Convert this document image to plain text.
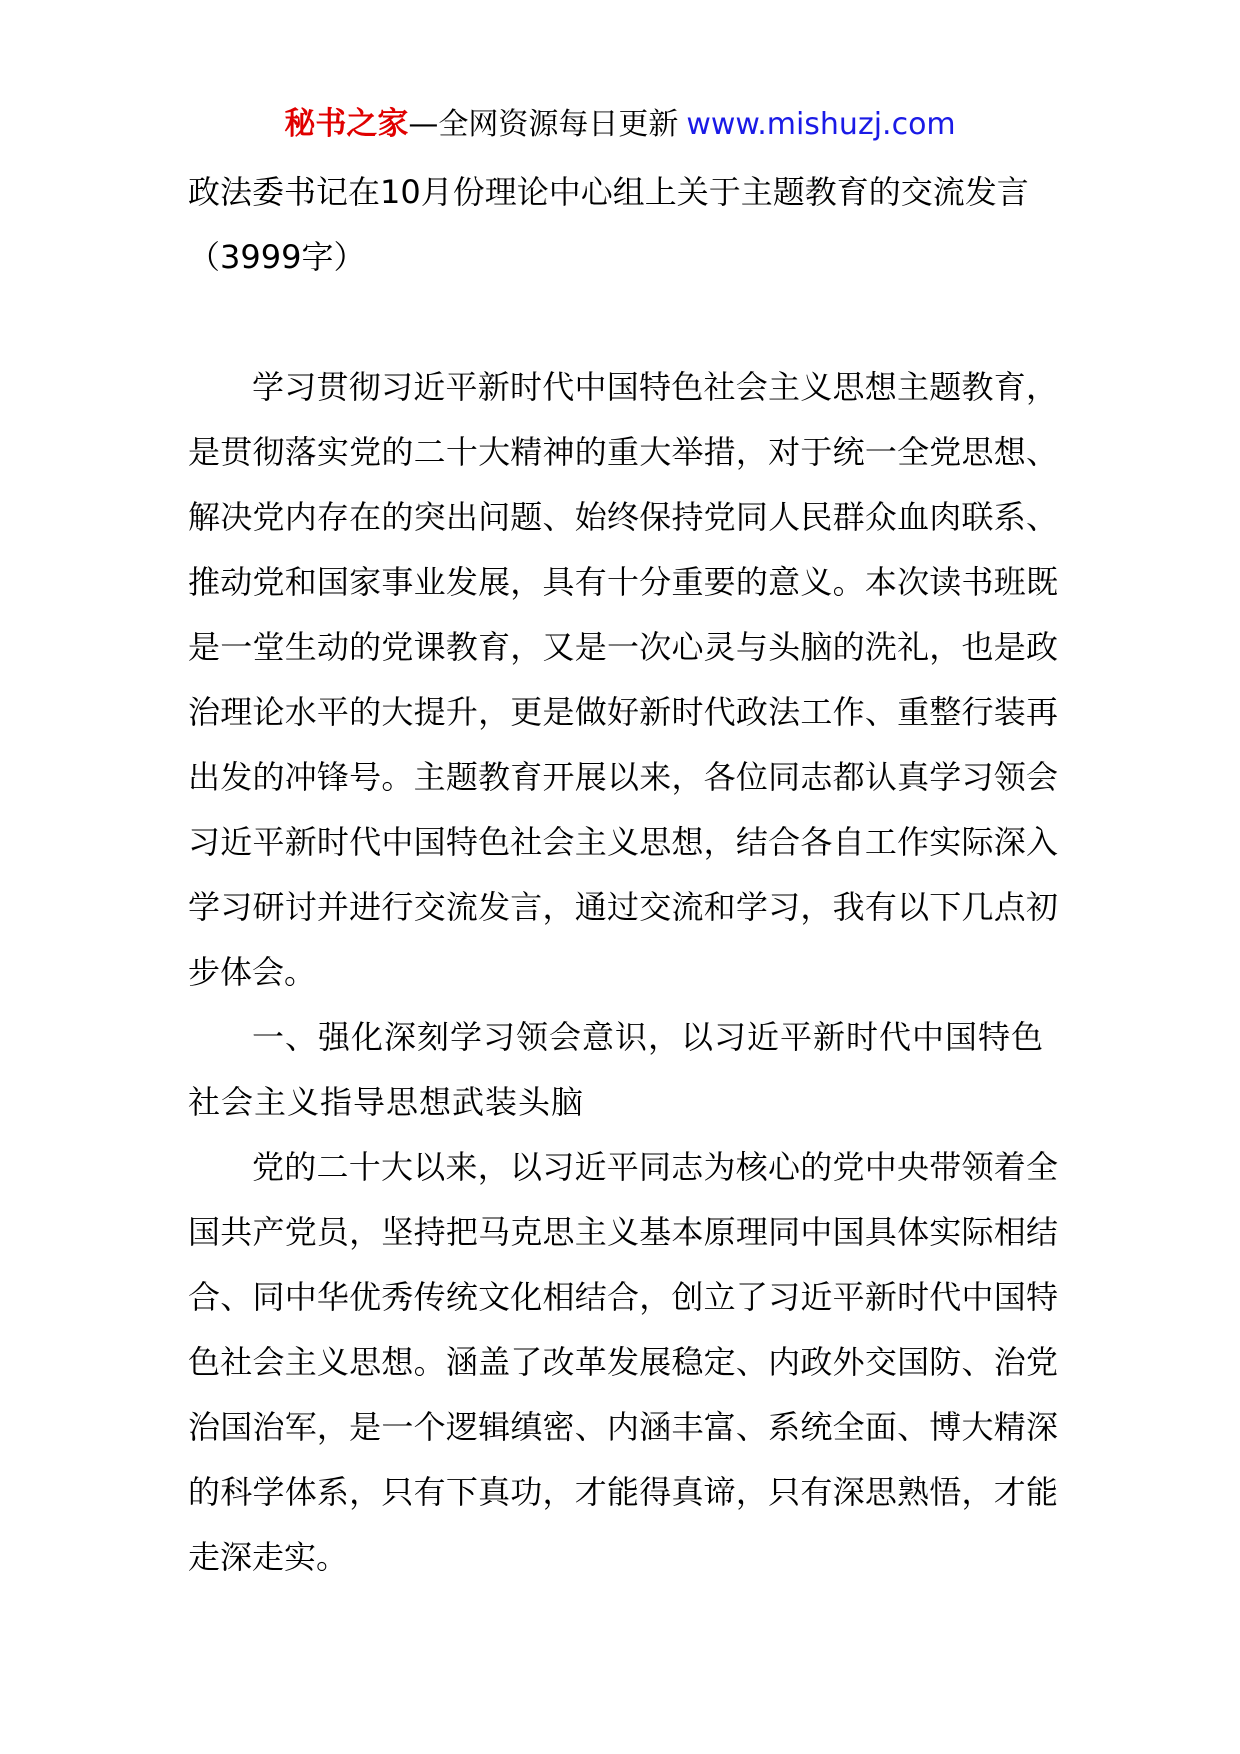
秘书之家—全网资源每日更新 www.mishuzj.com
政法委书记在10月份理论中心组上关于主题教育的交流发言（3999字）

学习贯彻习近平新时代中国特色社会主义思想主题教育，是贯彻落实党的二十大精神的重大举措，对于统一全党思想、解决党内存在的突出问题、始终保持党同人民群众血肉联系、推动党和国家事业发展，具有十分重要的意义。本次读书班既是一堂生动的党课教育，又是一次心灵与头脑的洗礼，也是政治理论水平的大提升，更是做好新时代政法工作、重整行装再出发的冲锋号。主题教育开展以来，各位同志都认真学习领会习近平新时代中国特色社会主义思想，结合各自工作实际深入学习研讨并进行交流发言，通过交流和学习，我有以下几点初步体会。

一、强化深刻学习领会意识，以习近平新时代中国特色社会主义指导思想武装头脑

党的二十大以来，以习近平同志为核心的党中央带领着全国共产党员，坚持把马克思主义基本原理同中国具体实际相结合、同中华优秀传统文化相结合，创立了习近平新时代中国特色社会主义思想。涵盖了改革发展稳定、内政外交国防、治党治国治军，是一个逻辑缜密、内涵丰富、系统全面、博大精深的科学体系，只有下真功，才能得真谛，只有深思熟悟，才能走深走实。
